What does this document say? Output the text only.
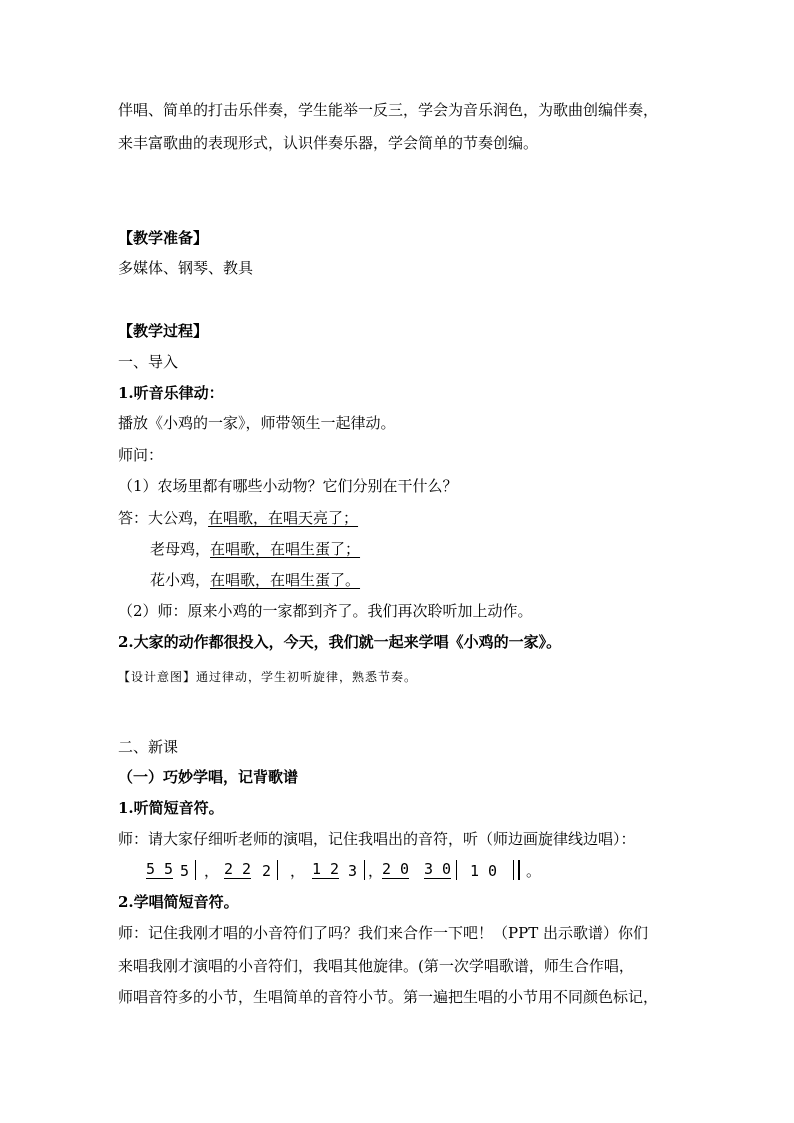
伴唱、简单的打击乐伴奏，学生能举一反三，学会为音乐润色，为歌曲创编伴奏，
来丰富歌曲的表现形式，认识伴奏乐器，学会简单的节奏创编。
【教学准备】
多媒体、钢琴、教具
【教学过程】
一、导入
1.听音乐律动：
播放《小鸡的一家》，师带领生一起律动。
师问：
（1）农场里都有哪些小动物？它们分别在干什么？
答：大公鸡，在唱歌，在唱天亮了；
老母鸡，在唱歌，在唱生蛋了；
花小鸡，在唱歌，在唱生蛋了。
（2）师：原来小鸡的一家都到齐了。我们再次聆听加上动作。
2.大家的动作都很投入，今天，我们就一起来学唱《小鸡的一家》。
【设计意图】通过律动，学生初听旋律，熟悉节奏。
二、新课
（一）巧妙学唱，记背歌谱
1.听简短音符。
师：请大家仔细听老师的演唱，记住我唱出的音符，听（师边画旋律线边唱）：
5 5 5 ， 2 2 2 ， 1 2 3 ，
2 0 3 0 1 0 。
2.学唱简短音符。
师：记住我刚才唱的小音符们了吗？我们来合作一下吧！（PPT 出示歌谱）你们
来唱我刚才演唱的小音符们，我唱其他旋律。(第一次学唱歌谱，师生合作唱，
师唱音符多的小节，生唱简单的音符小节。第一遍把生唱的小节用不同颜色标记，
